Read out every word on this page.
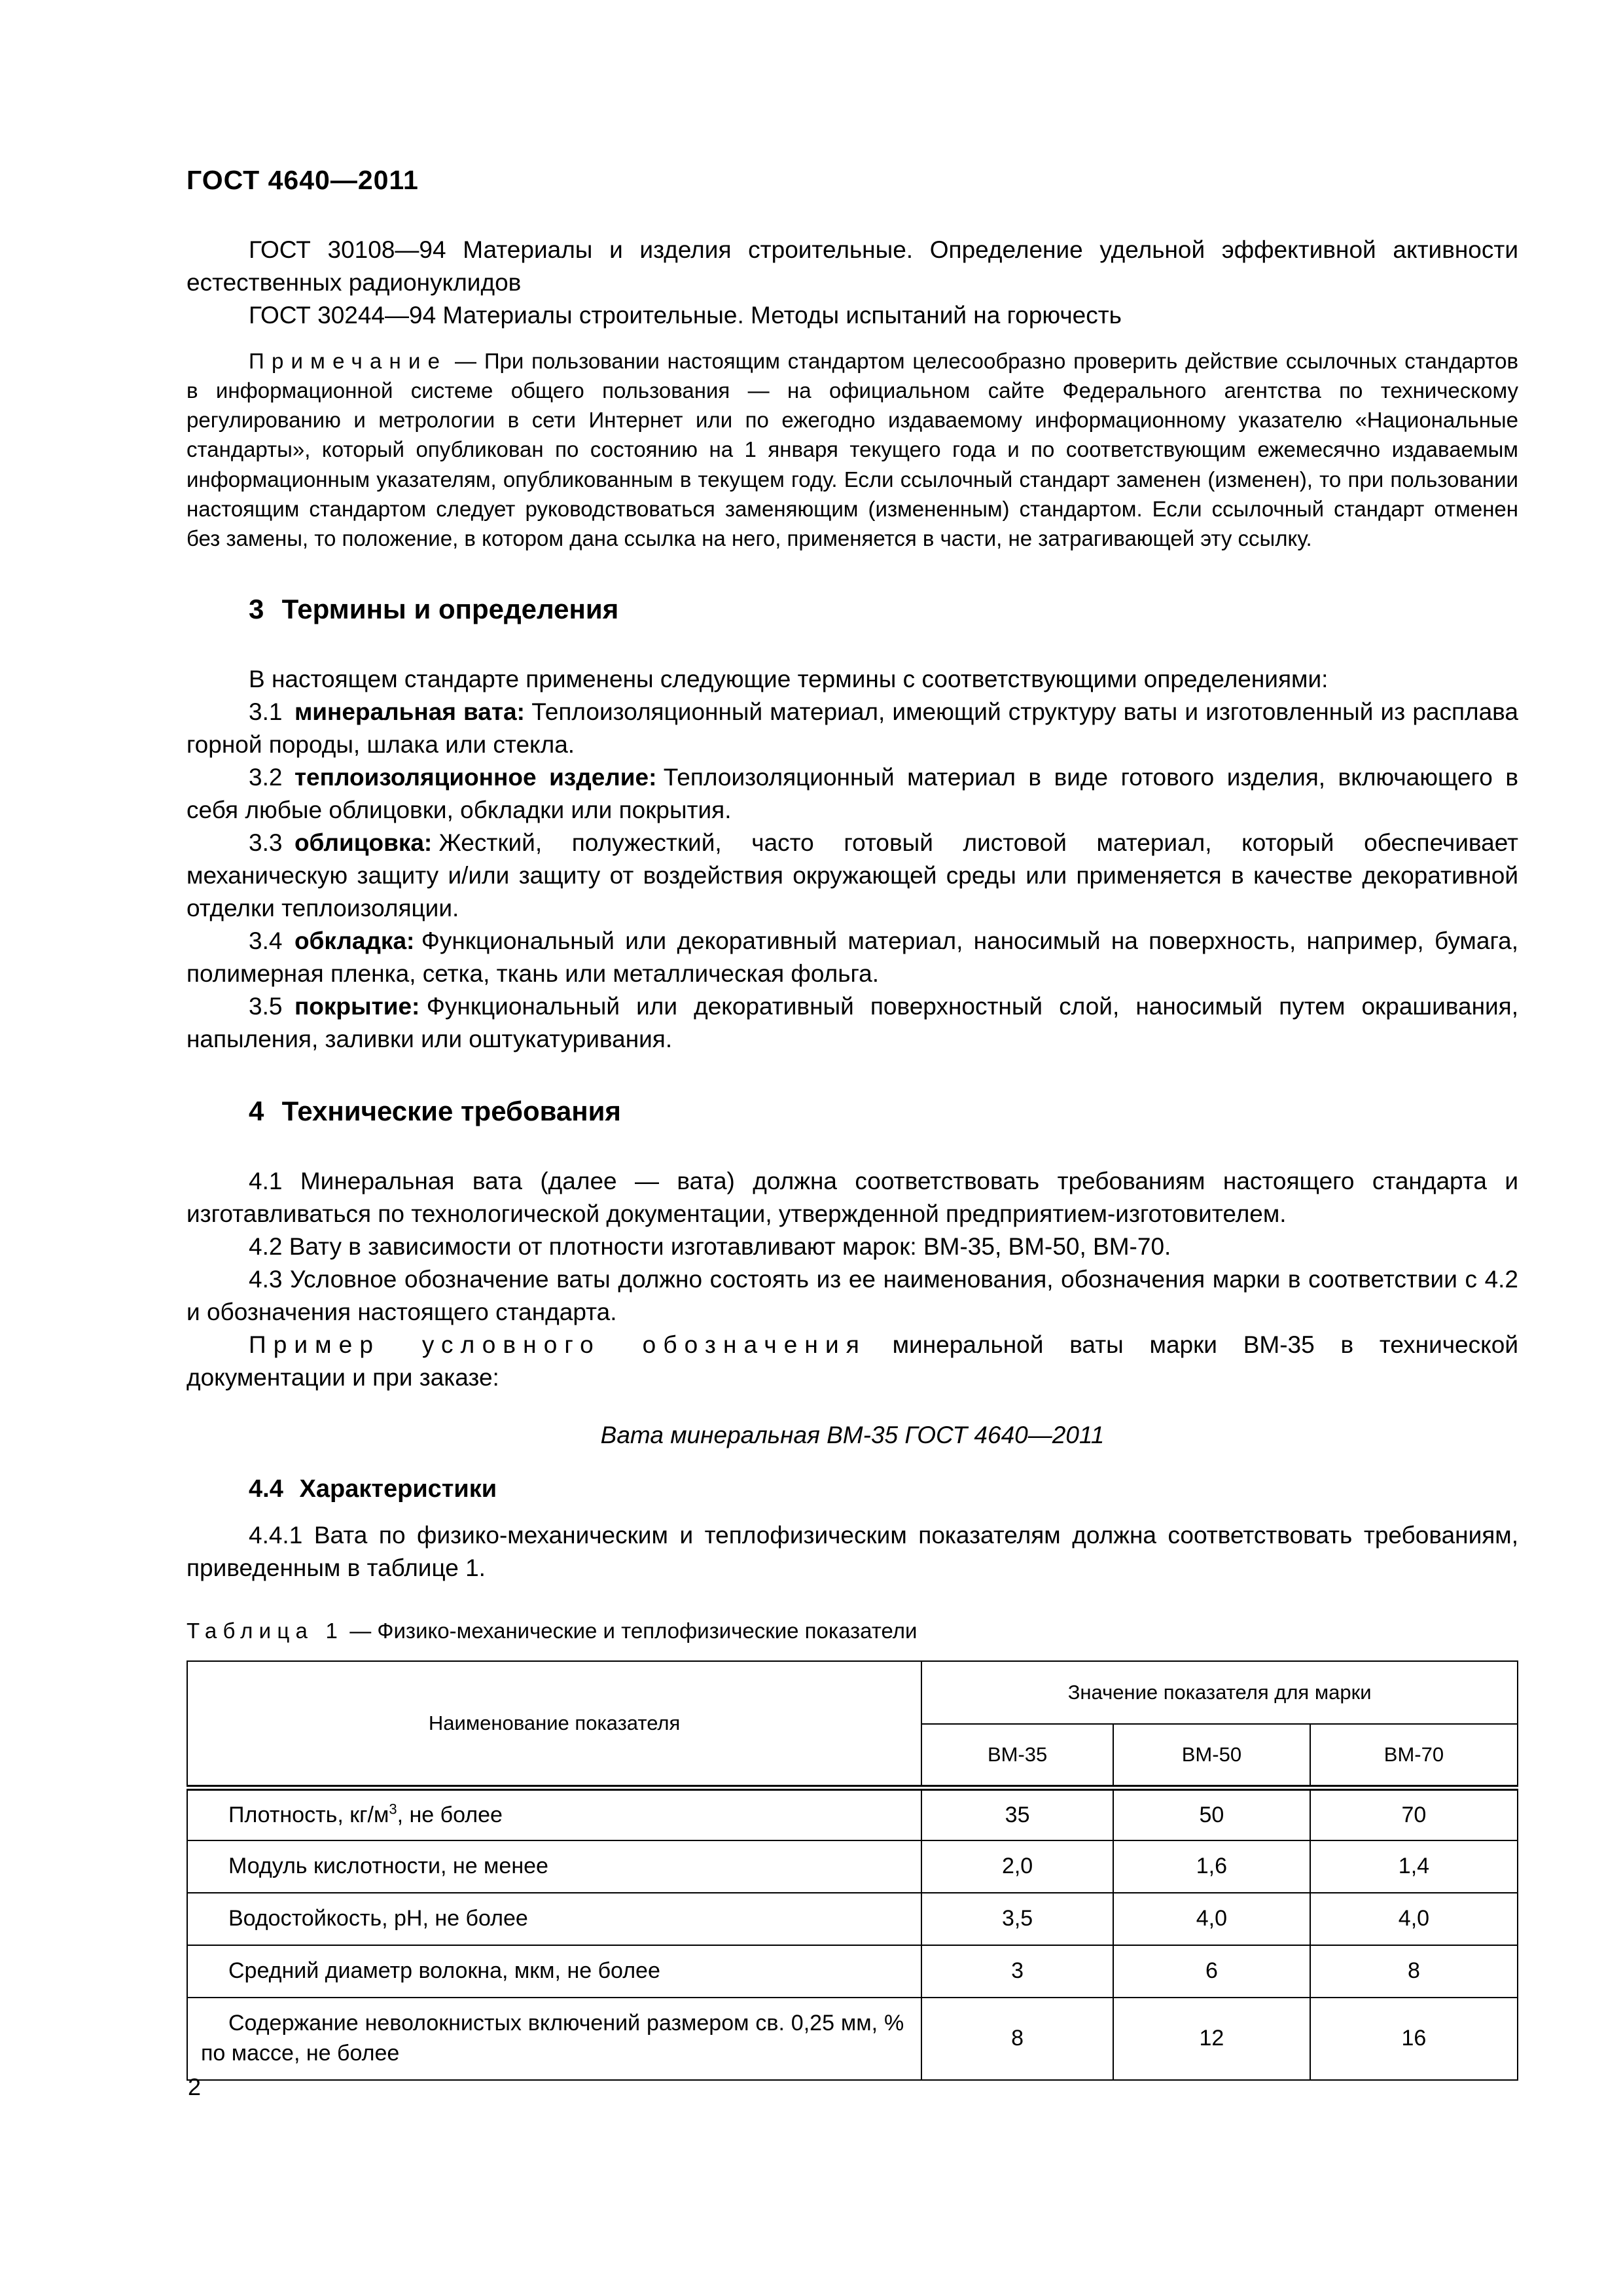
ГОСТ 4640—2011

ГОСТ 30108—94 Материалы и изделия строительные. Определение удельной эффективной активности естественных радионуклидов

ГОСТ 30244—94 Материалы строительные. Методы испытаний на горючесть

Примечание — При пользовании настоящим стандартом целесообразно проверить действие ссылочных стандартов в информационной системе общего пользования — на официальном сайте Федерального агентства по техническому регулированию и метрологии в сети Интернет или по ежегодно издаваемому информационному указателю «Национальные стандарты», который опубликован по состоянию на 1 января текущего года и по соответствующим ежемесячно издаваемым информационным указателям, опубликованным в текущем году. Если ссылочный стандарт заменен (изменен), то при пользовании настоящим стандартом следует руководствоваться заменяющим (измененным) стандартом. Если ссылочный стандарт отменен без замены, то положение, в котором дана ссылка на него, применяется в части, не затрагивающей эту ссылку.

3 Термины и определения

В настоящем стандарте применены следующие термины с соответствующими определениями:

3.1 минеральная вата: Теплоизоляционный материал, имеющий структуру ваты и изготовленный из расплава горной породы, шлака или стекла.

3.2 теплоизоляционное изделие: Теплоизоляционный материал в виде готового изделия, включающего в себя любые облицовки, обкладки или покрытия.

3.3 облицовка: Жесткий, полужесткий, часто готовый листовой материал, который обеспечивает механическую защиту и/или защиту от воздействия окружающей среды или применяется в качестве декоративной отделки теплоизоляции.

3.4 обкладка: Функциональный или декоративный материал, наносимый на поверхность, например, бумага, полимерная пленка, сетка, ткань или металлическая фольга.

3.5 покрытие: Функциональный или декоративный поверхностный слой, наносимый путем окрашивания, напыления, заливки или оштукатуривания.

4 Технические требования

4.1 Минеральная вата (далее — вата) должна соответствовать требованиям настоящего стандарта и изготавливаться по технологической документации, утвержденной предприятием-изготовителем.

4.2 Вату в зависимости от плотности изготавливают марок: ВМ-35, ВМ-50, ВМ-70.

4.3 Условное обозначение ваты должно состоять из ее наименования, обозначения марки в соответствии с 4.2 и обозначения настоящего стандарта.

Пример условного обозначения минеральной ваты марки ВМ-35 в технической документации и при заказе:

Вата минеральная ВМ-35 ГОСТ 4640—2011

4.4 Характеристики

4.4.1 Вата по физико-механическим и теплофизическим показателям должна соответствовать требованиям, приведенным в таблице 1.

Таблица 1 — Физико-механические и теплофизические показатели

Наименование показателя	Значение показателя для марки		
	ВМ-35	ВМ-50	ВМ-70
Плотность, $кг/м^3$, не более	35	50	70
Модуль кислотности, не менее	2,0	1,6	1,4
Водостойкость, рН, не более	3,5	4,0	4,0
Средний диаметр волокна, мкм, не более	3	6	8
Содержание неволокнистых включений размером св. 0,25 мм, % по массе, не более	8	12	16
2
